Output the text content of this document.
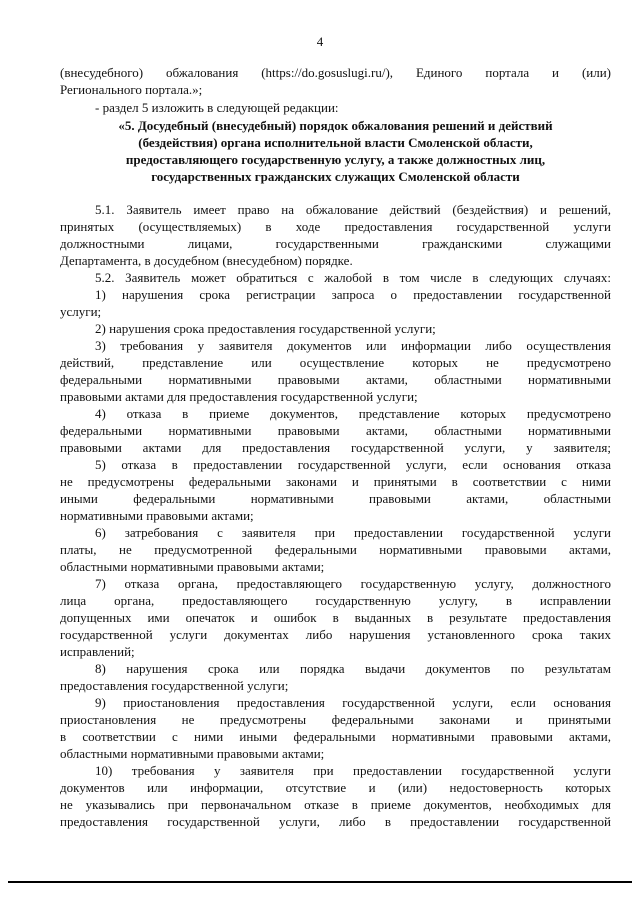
4
(внесудебного) обжалования (https://do.gosuslugi.ru/), Единого портала и (или)
Регионального портала.»;
- раздел 5 изложить в следующей редакции:
«5. Досудебный (внесудебный) порядок обжалования решений и действий
(бездействия) органа исполнительной власти Смоленской области,
предоставляющего государственную услугу, а также должностных лиц,
государственных гражданских служащих Смоленской области
5.1. Заявитель имеет право на обжалование действий (бездействия) и решений,
принятых (осуществляемых) в ходе предоставления государственной услуги
должностными лицами, государственными гражданскими служащими
Департамента, в досудебном (внесудебном) порядке.
5.2. Заявитель может обратиться с жалобой в том числе в следующих случаях:
1) нарушения срока регистрации запроса о предоставлении государственной
услуги;
2) нарушения срока предоставления государственной услуги;
3) требования у заявителя документов или информации либо осуществления
действий, представление или осуществление которых не предусмотрено
федеральными нормативными правовыми актами, областными нормативными
правовыми актами для предоставления государственной услуги;
4) отказа в приеме документов, представление которых предусмотрено
федеральными нормативными правовыми актами, областными нормативными
правовыми актами для предоставления государственной услуги, у заявителя;
5) отказа в предоставлении государственной услуги, если основания отказа
не предусмотрены федеральными законами и принятыми в соответствии с ними
иными федеральными нормативными правовыми актами, областными
нормативными правовыми актами;
6) затребования с заявителя при предоставлении государственной услуги
платы, не предусмотренной федеральными нормативными правовыми актами,
областными нормативными правовыми актами;
7) отказа органа, предоставляющего государственную услугу, должностного
лица органа, предоставляющего государственную услугу, в исправлении
допущенных ими опечаток и ошибок в выданных в результате предоставления
государственной услуги документах либо нарушения установленного срока таких
исправлений;
8) нарушения срока или порядка выдачи документов по результатам
предоставления государственной услуги;
9) приостановления предоставления государственной услуги, если основания
приостановления не предусмотрены федеральными законами и принятыми
в соответствии с ними иными федеральными нормативными правовыми актами,
областными нормативными правовыми актами;
10) требования у заявителя при предоставлении государственной услуги
документов или информации, отсутствие и (или) недостоверность которых
не указывались при первоначальном отказе в приеме документов, необходимых для
предоставления государственной услуги, либо в предоставлении государственной
